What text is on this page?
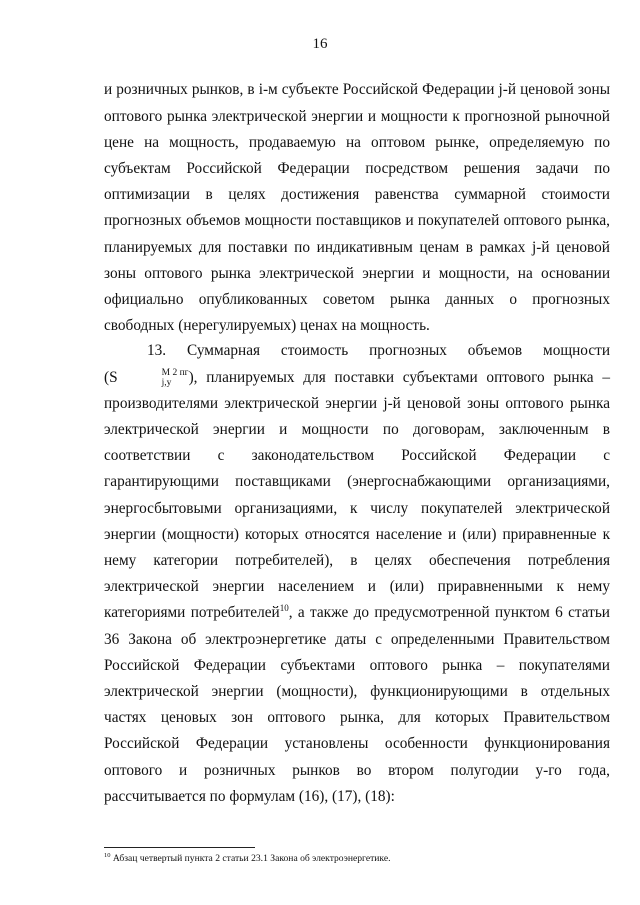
16

и розничных рынков, в i-м субъекте Российской Федерации j-й ценовой зоны оптового рынка электрической энергии и мощности к прогнозной рыночной цене на мощность, продаваемую на оптовом рынке, определяемую по субъектам Российской Федерации посредством решения задачи по оптимизации в целях достижения равенства суммарной стоимости прогнозных объемов мощности поставщиков и покупателей оптового рынка, планируемых для поставки по индикативным ценам в рамках j-й ценовой зоны оптового рынка электрической энергии и мощности, на основании официально опубликованных советом рынка данных о прогнозных свободных (нерегулируемых) ценах на мощность.

13. Суммарная стоимость прогнозных объемов мощности (S	М 2 пг
j,y	), планируемых для поставки субъектами оптового рынка – производителями электрической энергии j-й ценовой зоны оптового рынка электрической энергии и мощности по договорам, заключенным в соответствии с законодательством Российской Федерации с гарантирующими поставщиками (энергоснабжающими организациями, энергосбытовыми организациями, к числу покупателей электрической энергии (мощности) которых относятся население и (или) приравненные к нему категории потребителей), в целях обеспечения потребления электрической энергии населением и (или) приравненными к нему категориями потребителей$^{10}$, а также до предусмотренной пунктом 6 статьи 36 Закона об электроэнергетике даты с определенными Правительством Российской Федерации субъектами оптового рынка – покупателями электрической энергии (мощности), функционирующими в отдельных частях ценовых зон оптового рынка, для которых Правительством Российской Федерации установлены особенности функционирования оптового и розничных рынков во втором полугодии y-го года, рассчитывается по формулам (16), (17), (18):

$^{10}$ Абзац четвертый пункта 2 статьи 23.1 Закона об электроэнергетике.
